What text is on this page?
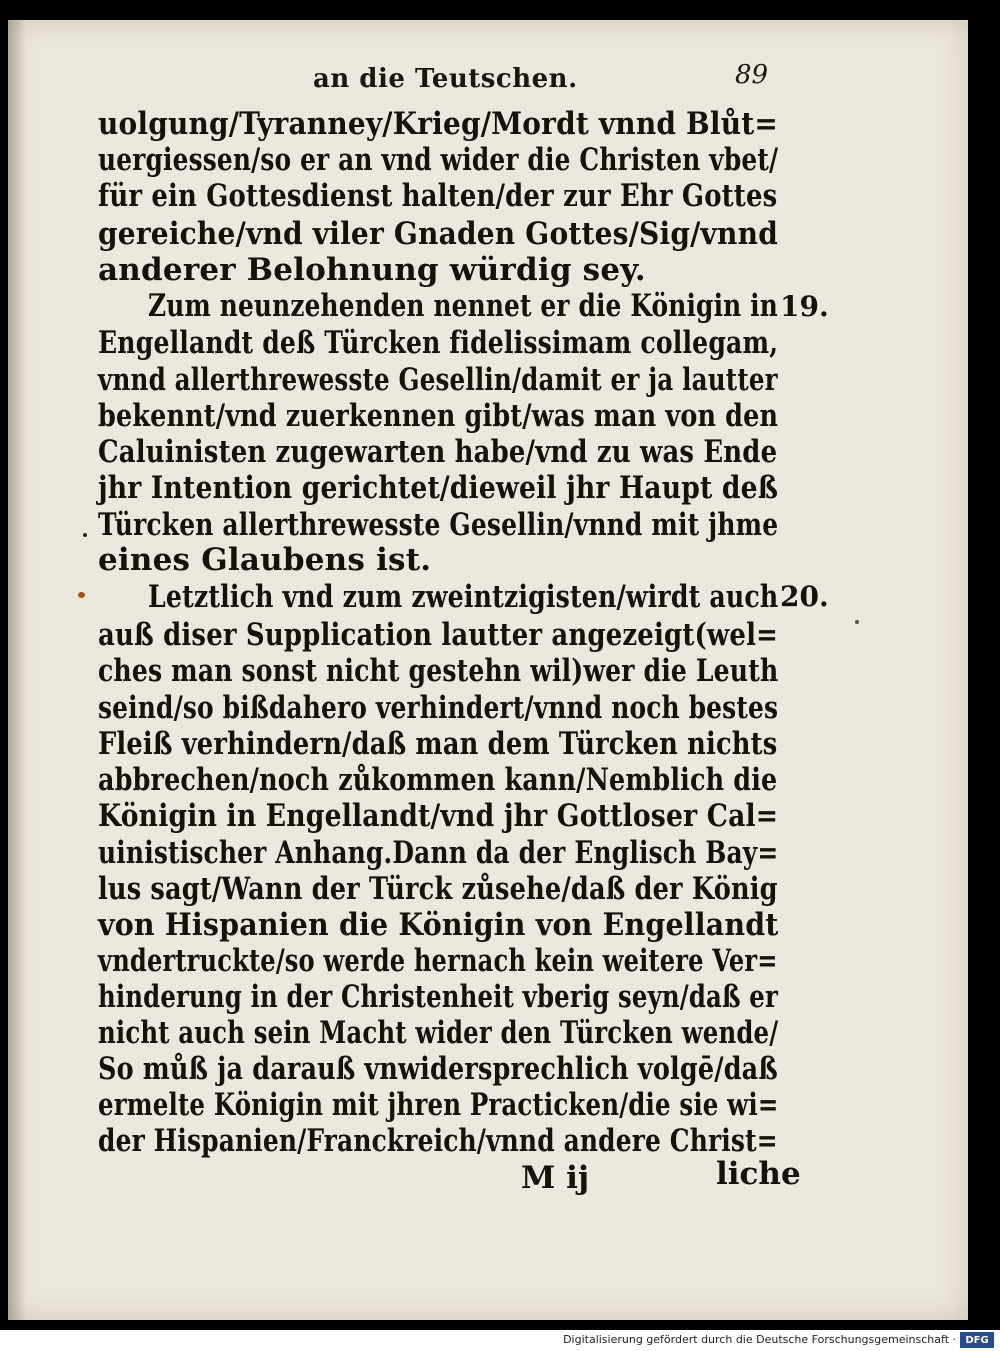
an die Teutschen.	89
uolgung/Tyranney/Krieg/Mordt vnnd Blůt=
uergiessen/so er an vnd wider die Christen vbet/
für ein Gottesdienst halten/der zur Ehr Gottes
gereiche/vnd viler Gnaden Gottes/Sig/vnnd
anderer Belohnung würdig sey.
Zum neunzehenden nennet er die Königin in
Engellandt deß Türcken fidelissimam collegam,
vnnd allerthrewesste Gesellin/damit er ja lautter
bekennt/vnd zuerkennen gibt/was man von den
Caluinisten zugewarten habe/vnd zu was Ende
jhr Intention gerichtet/dieweil jhr Haupt deß
Türcken allerthrewesste Gesellin/vnnd mit jhme
eines Glaubens ist.
Letztlich vnd zum zweintzigisten/wirdt auch
auß diser Supplication lautter angezeigt(wel=
ches man sonst nicht gestehn wil)wer die Leuth
seind/so bißdahero verhindert/vnnd noch bestes
Fleiß verhindern/daß man dem Türcken nichts
abbrechen/noch zůkommen kann/Nemblich die
Königin in Engellandt/vnd jhr Gottloser Cal=
uinistischer Anhang.Dann da der Englisch Bay=
lus sagt/Wann der Türck zůsehe/daß der König
von Hispanien die Königin von Engellandt
vndertruckte/so werde hernach kein weitere Ver=
hinderung in der Christenheit vberig seyn/daß er
nicht auch sein Macht wider den Türcken wende/
So můß ja darauß vnwidersprechlich volgē/daß
ermelte Königin mit jhren Practicken/die sie wi=
der Hispanien/Franckreich/vnnd andere Christ=
19.
20.
M ij	liche
Digitalisierung gefördert durch die Deutsche Forschungsgemeinschaft · DFG
